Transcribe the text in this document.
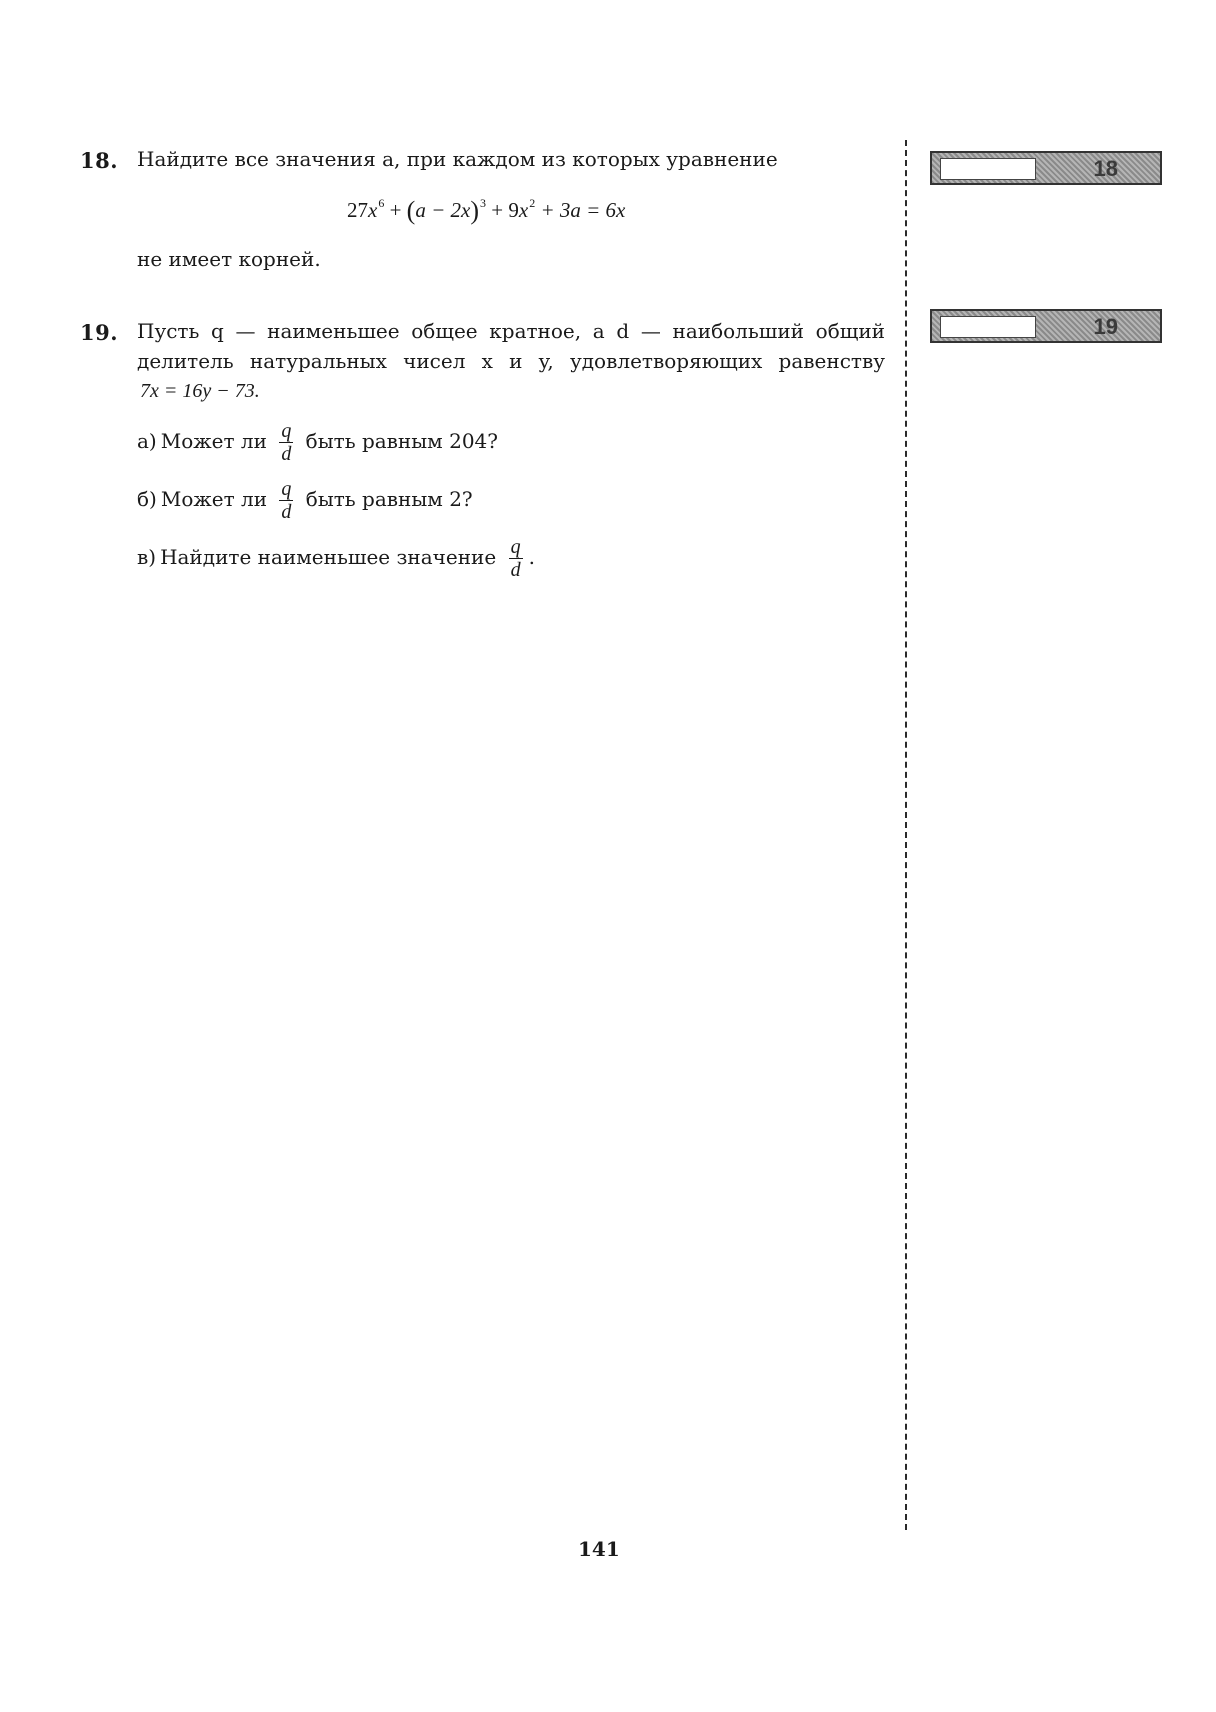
18. Найдите все значения a, при каждом из которых уравнение
$27x^6 + (a - 2x)^3 + 9x^2 + 3a = 6x$
не имеет корней.
19. Пусть q — наименьшее общее кратное, а d — наибольший общий
делитель натуральных чисел x и y, удовлетворяющих равенству
7x = 16y − 73.
а) Может ли $\frac{q}{d}$ быть равным 204?
б) Может ли $\frac{q}{d}$ быть равным 2?
в) Найдите наименьшее значение $\frac{q}{d}$ .
18
19
141
